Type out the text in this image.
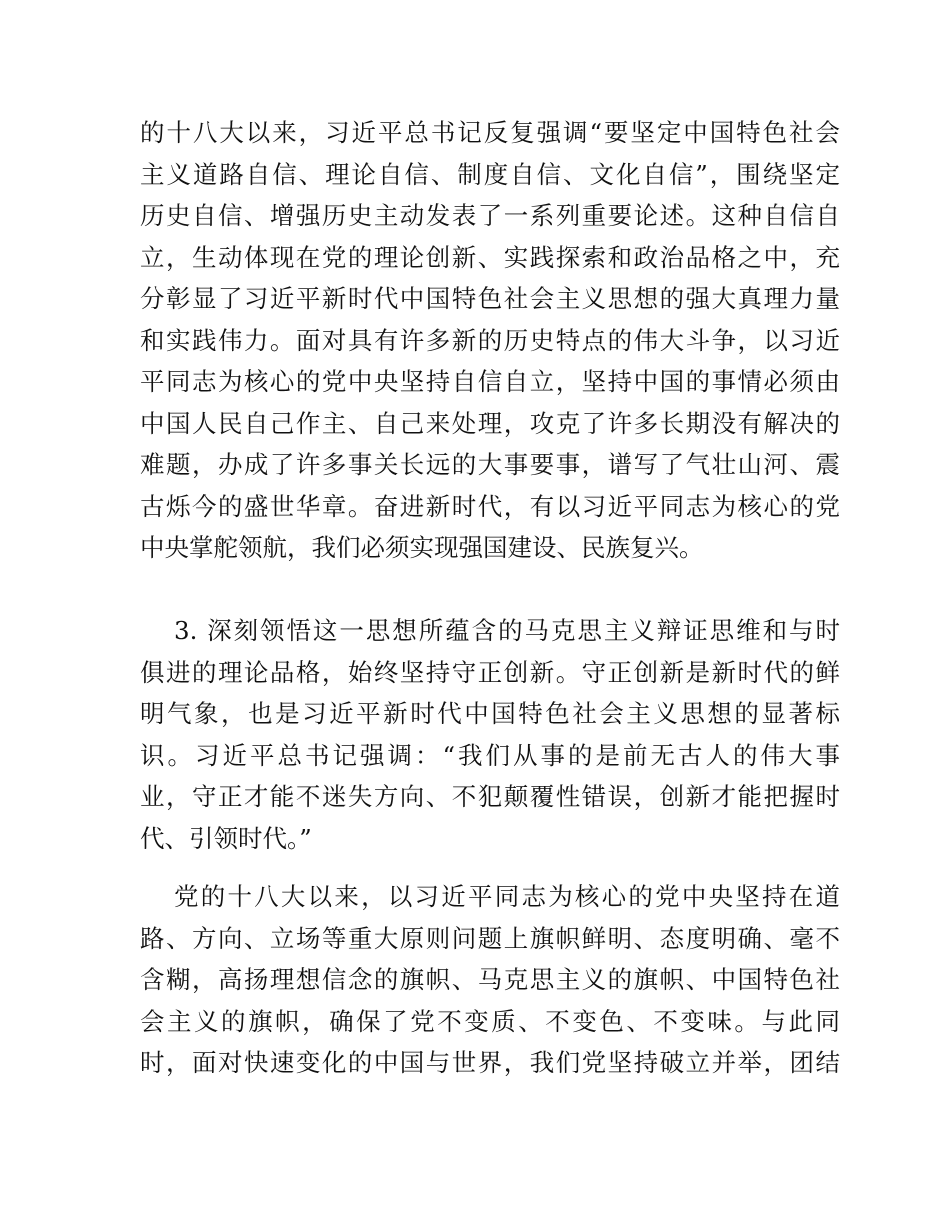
的十八大以来，习近平总书记反复强调“要坚定中国特色社会
主义道路自信、理论自信、制度自信、文化自信”，围绕坚定
历史自信、增强历史主动发表了一系列重要论述。这种自信自
立，生动体现在党的理论创新、实践探索和政治品格之中，充
分彰显了习近平新时代中国特色社会主义思想的强大真理力量
和实践伟力。面对具有许多新的历史特点的伟大斗争，以习近
平同志为核心的党中央坚持自信自立，坚持中国的事情必须由
中国人民自己作主、自己来处理，攻克了许多长期没有解决的
难题，办成了许多事关长远的大事要事，谱写了气壮山河、震
古烁今的盛世华章。奋进新时代，有以习近平同志为核心的党
中央掌舵领航，我们必须实现强国建设、民族复兴。
3. 深刻领悟这一思想所蕴含的马克思主义辩证思维和与时
俱进的理论品格，始终坚持守正创新。守正创新是新时代的鲜
明气象，也是习近平新时代中国特色社会主义思想的显著标
识。习近平总书记强调：“我们从事的是前无古人的伟大事
业，守正才能不迷失方向、不犯颠覆性错误，创新才能把握时
代、引领时代。”
党的十八大以来，以习近平同志为核心的党中央坚持在道
路、方向、立场等重大原则问题上旗帜鲜明、态度明确、毫不
含糊，高扬理想信念的旗帜、马克思主义的旗帜、中国特色社
会主义的旗帜，确保了党不变质、不变色、不变味。与此同
时，面对快速变化的中国与世界，我们党坚持破立并举，团结
